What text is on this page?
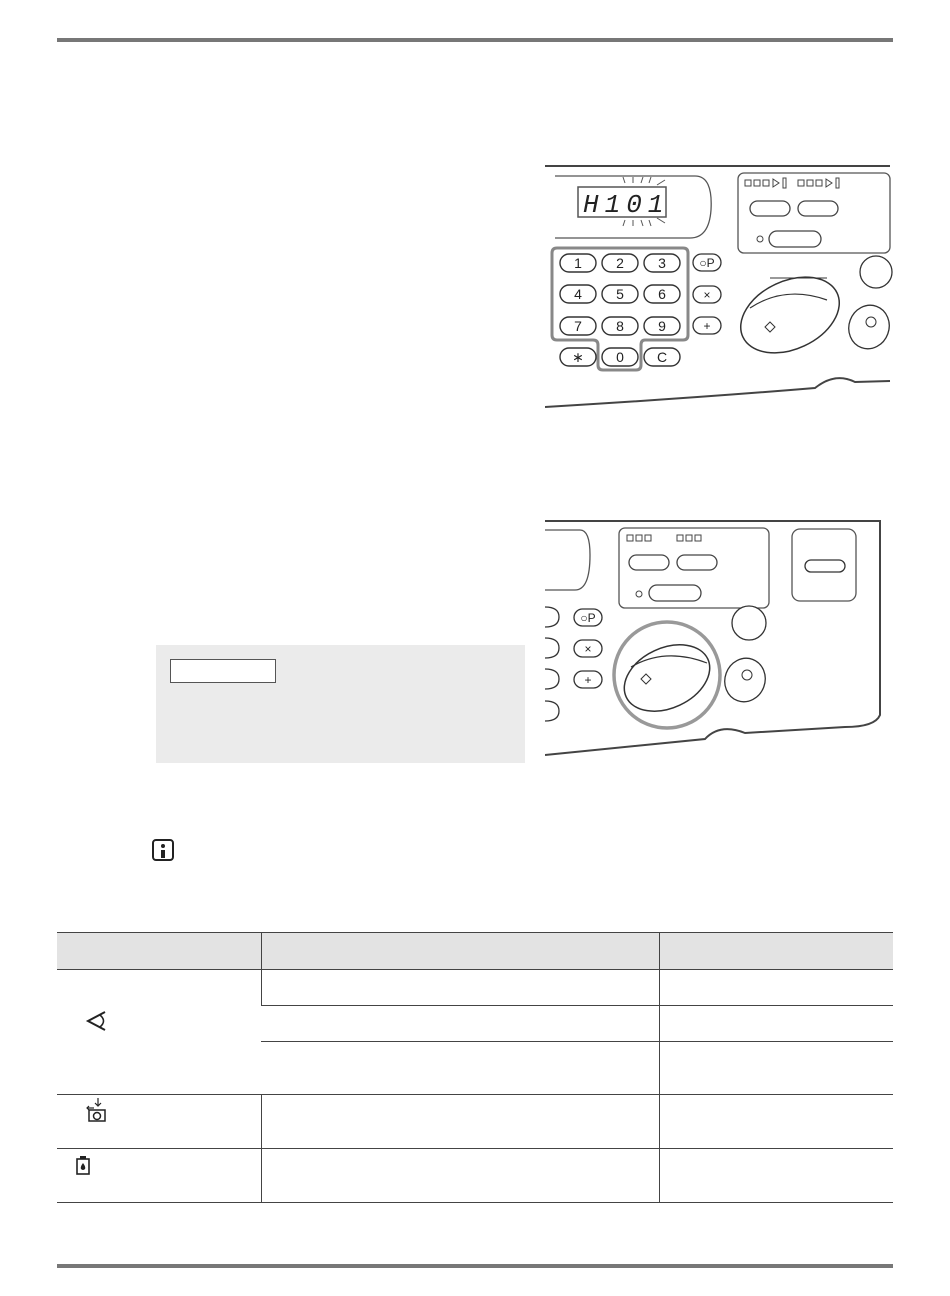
H101
1 2 3
4 5 6
7 8 9
∗ 0 C
○P
×
+
○P
×
+
